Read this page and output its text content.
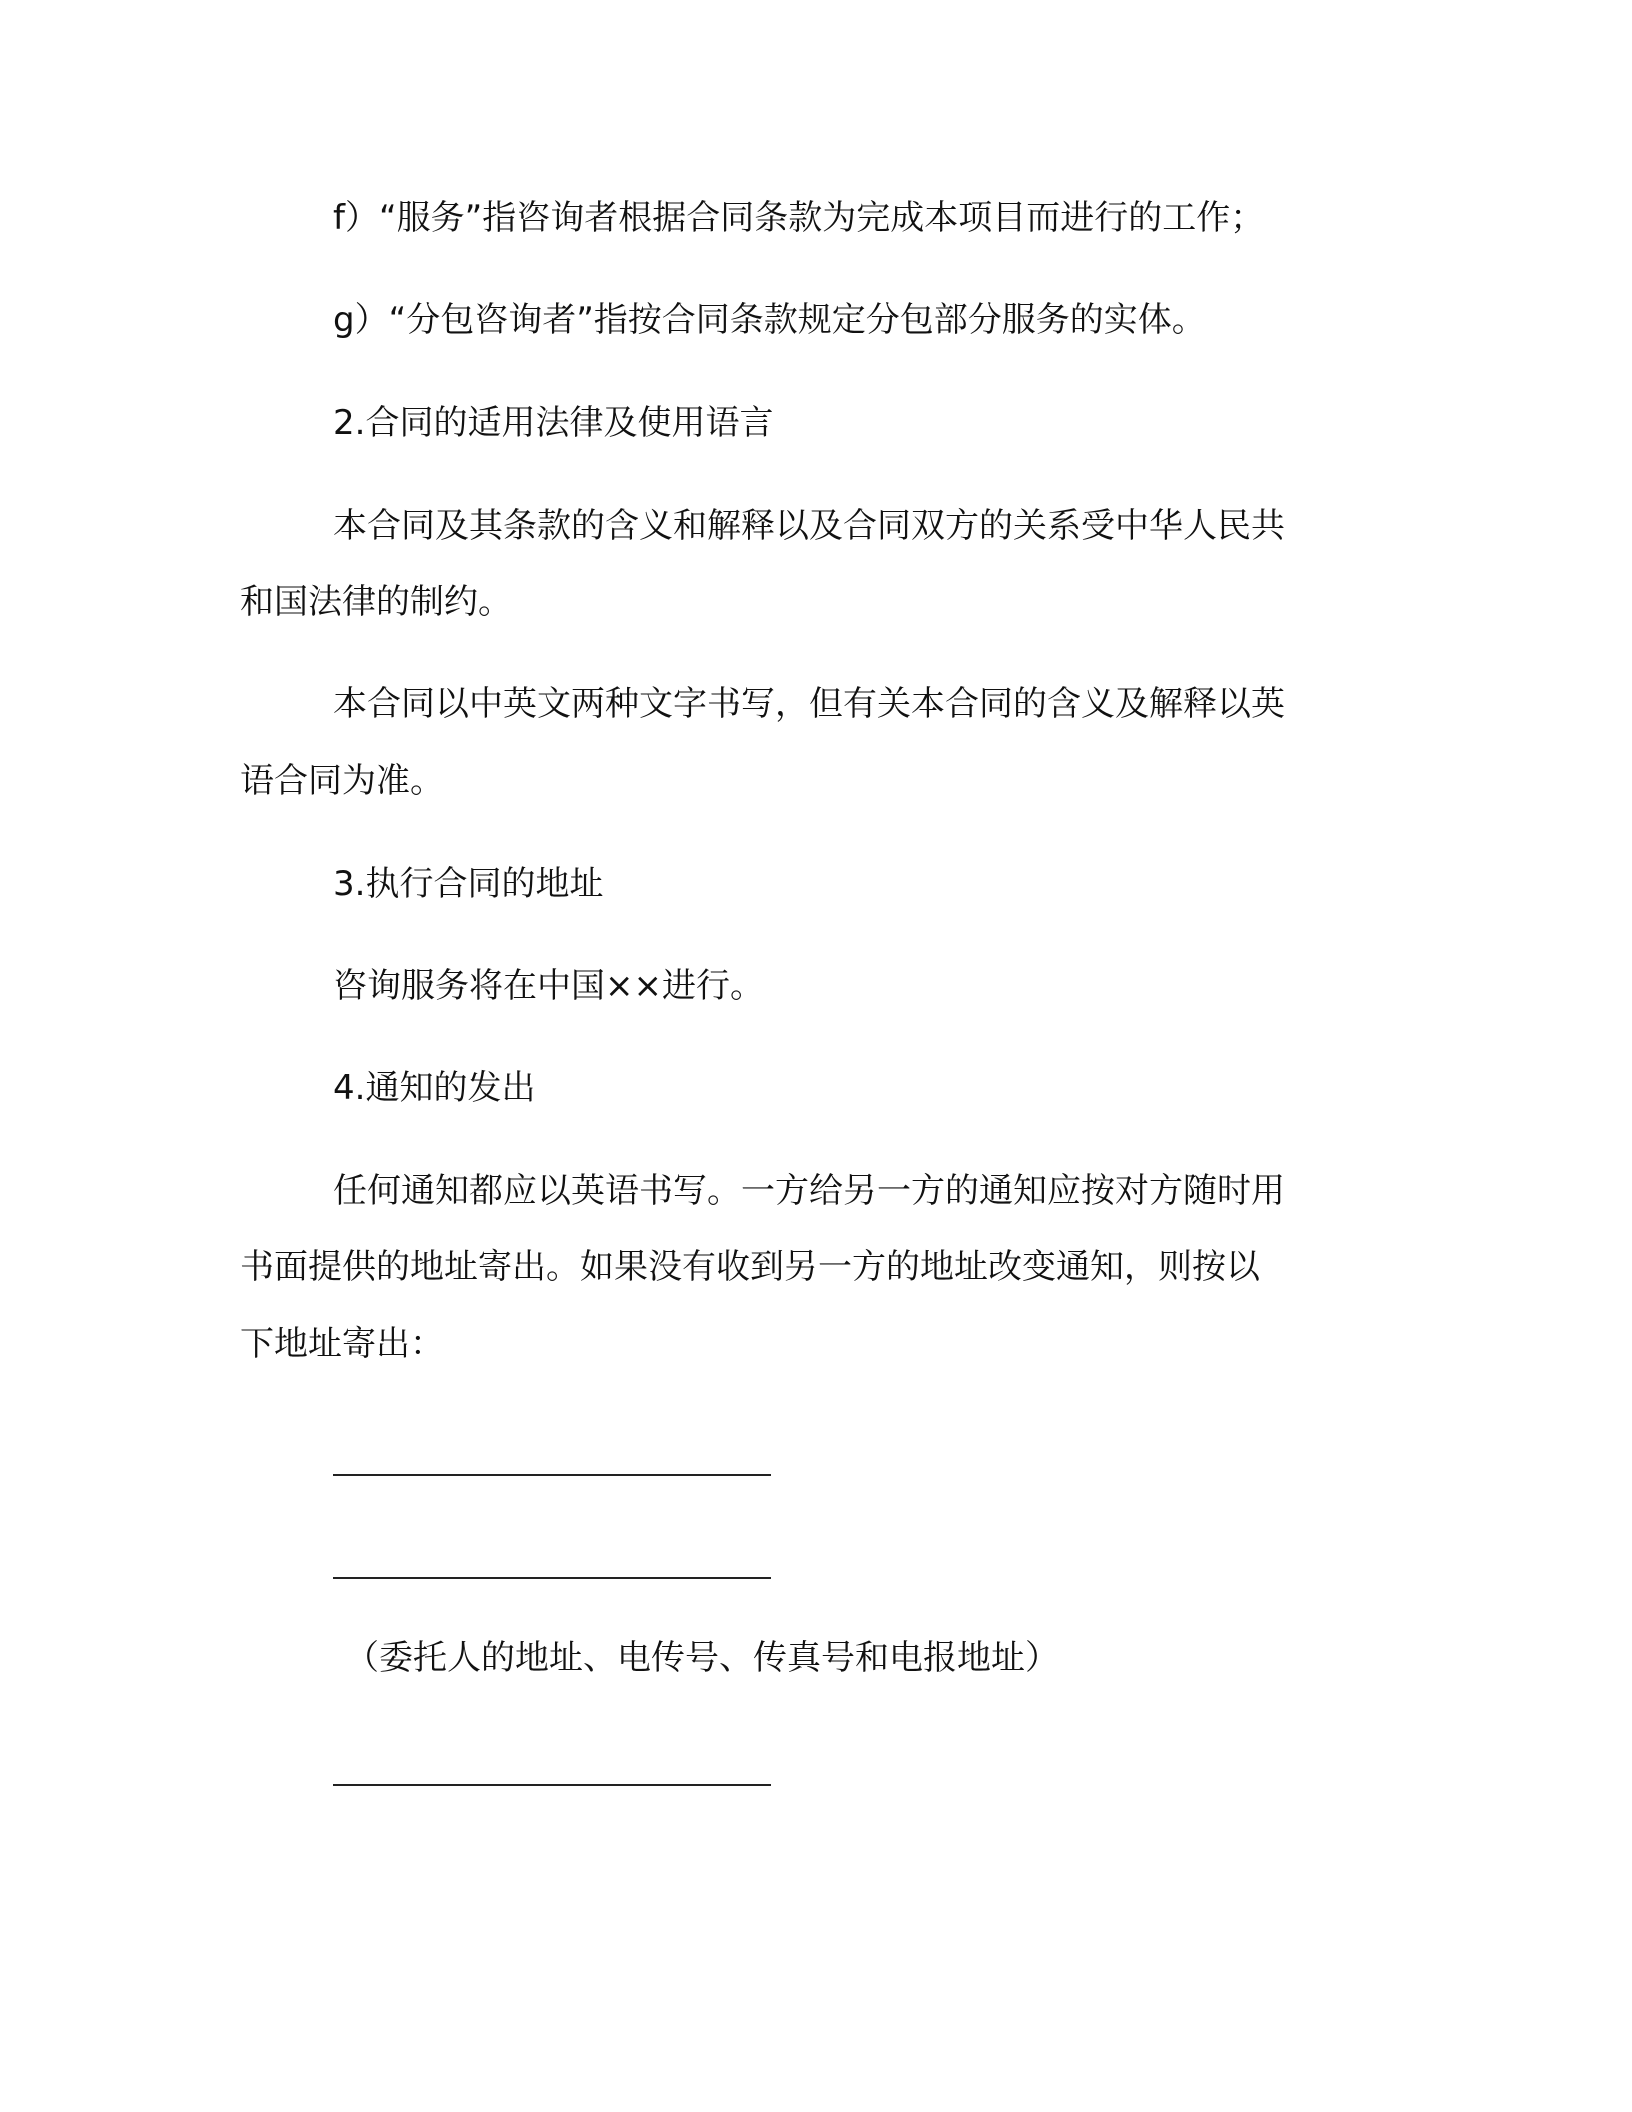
f）“服务”指咨询者根据合同条款为完成本项目而进行的工作；
g）“分包咨询者”指按合同条款规定分包部分服务的实体。
2.合同的适用法律及使用语言
本合同及其条款的含义和解释以及合同双方的关系受中华人民共
和国法律的制约。
本合同以中英文两种文字书写，但有关本合同的含义及解释以英
语合同为准。
3.执行合同的地址
咨询服务将在中国××进行。
4.通知的发出
任何通知都应以英语书写。一方给另一方的通知应按对方随时用
书面提供的地址寄出。如果没有收到另一方的地址改变通知，则按以
下地址寄出：
（委托人的地址、电传号、传真号和电报地址）
